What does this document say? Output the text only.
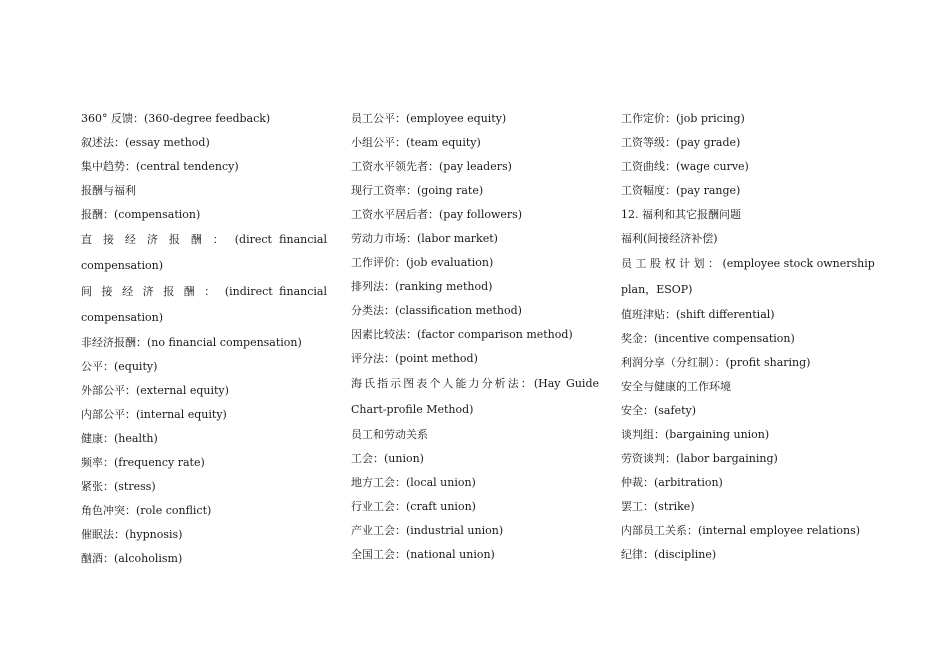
360° 反馈：(360-degree feedback)
叙述法：(essay method)
集中趋势：(central tendency)
报酬与福利
报酬：(compensation)
直 接 经 济 报 酬 ： (direct financial
compensation)
间 接 经 济 报 酬 ： (indirect financial
compensation)
非经济报酬：(no financial compensation)
公平：(equity)
外部公平：(external equity)
内部公平：(internal equity)
健康：(health)
频率：(frequency rate)
紧张：(stress)
角色冲突：(role conflict)
催眠法：(hypnosis)
酗酒：(alcoholism)
员工公平：(employee equity)
小组公平：(team equity)
工资水平领先者：(pay leaders)
现行工资率：(going rate)
工资水平居后者：(pay followers)
劳动力市场：(labor market)
工作评价：(job evaluation)
排列法：(ranking method)
分类法：(classification method)
因素比较法：(factor comparison method)
评分法：(point method)
海氏指示图表个人能力分析法：(Hay Guide
Chart-profile Method)
员工和劳动关系
工会：(union)
地方工会：(local union)
行业工会：(craft union)
产业工会：(industrial union)
全国工会：(national union)
工作定价：(job pricing)
工资等级：(pay grade)
工资曲线：(wage curve)
工资幅度：(pay range)
12. 福利和其它报酬问题
福利(间接经济补偿)
员 工 股 权 计 划 ： (employee stock ownership
plan，ESOP)
值班津贴：(shift differential)
奖金：(incentive compensation)
利润分享（分红制）：(profit sharing)
安全与健康的工作环境
安全：(safety)
谈判组：(bargaining union)
劳资谈判：(labor bargaining)
仲裁：(arbitration)
罢工：(strike)
内部员工关系：(internal employee relations)
纪律：(discipline)
